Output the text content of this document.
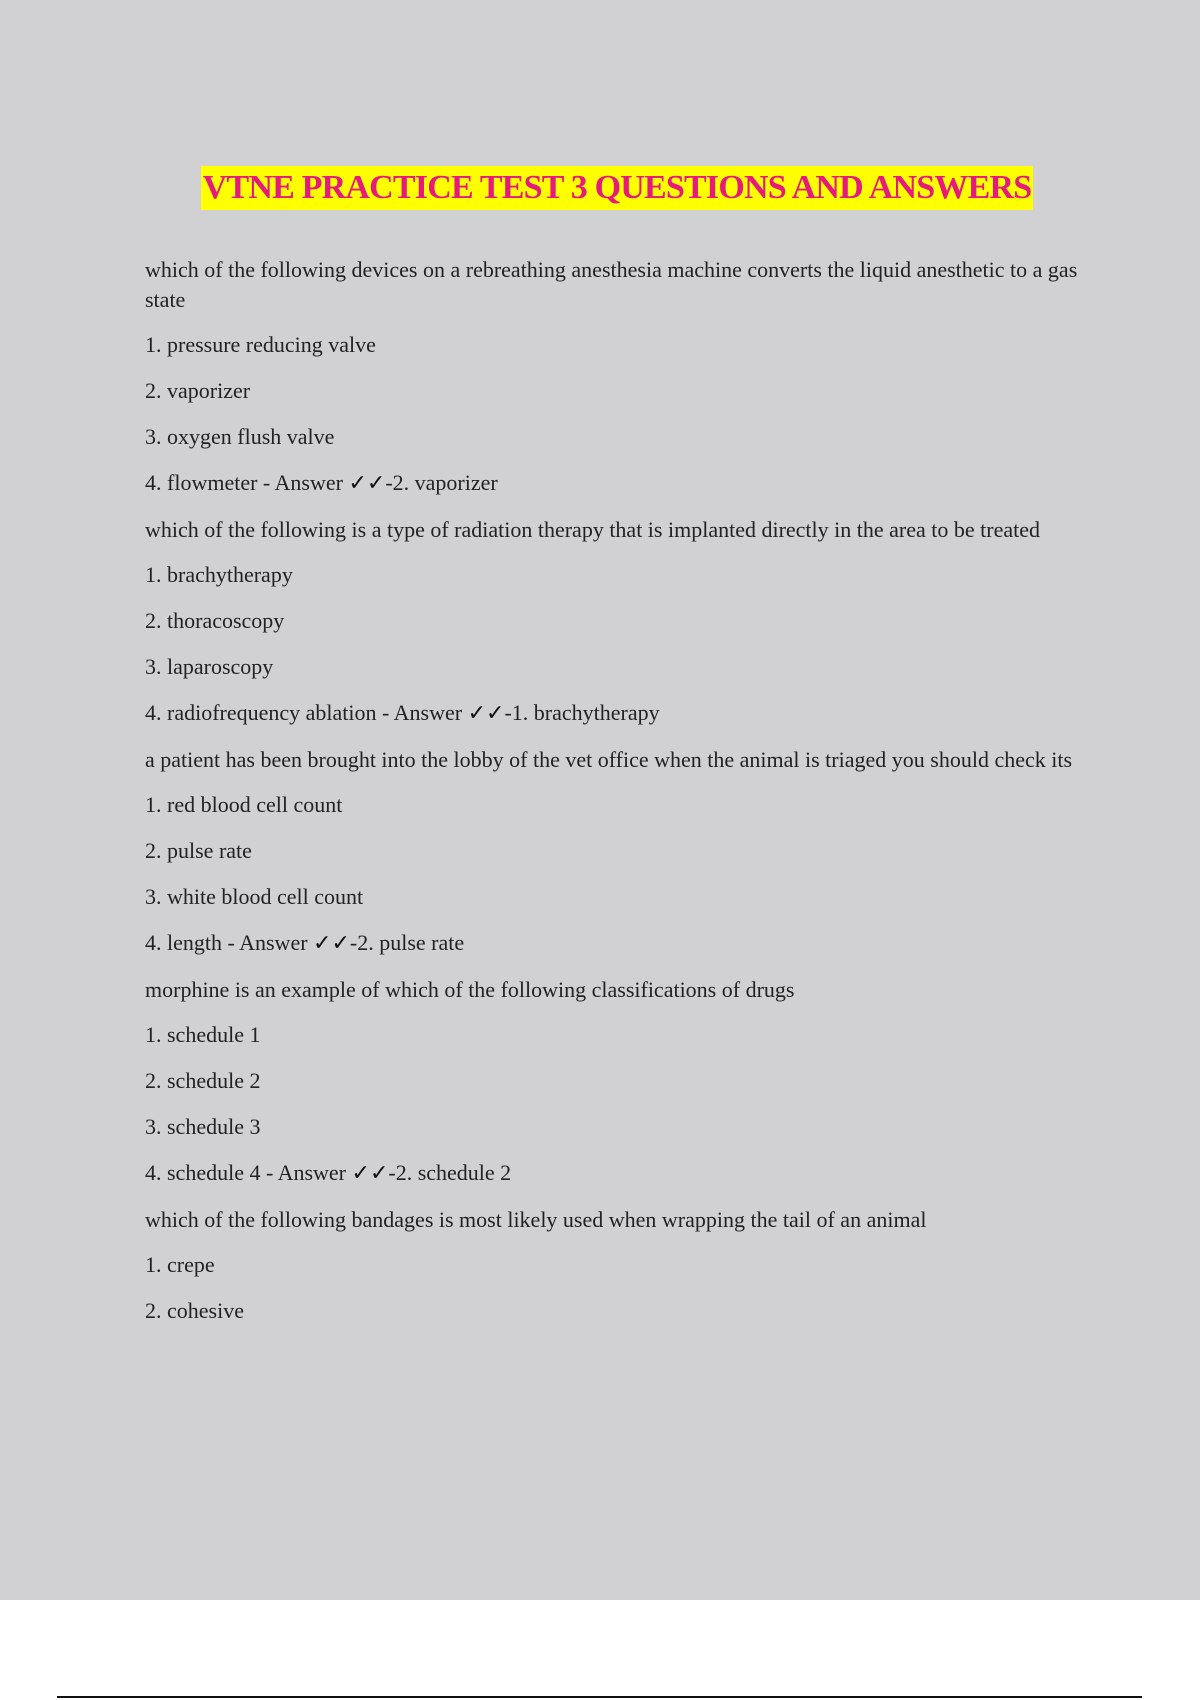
VTNE PRACTICE TEST 3 QUESTIONS AND ANSWERS
which of the following devices on a rebreathing anesthesia machine converts the liquid anesthetic to a gas state
1. pressure reducing valve
2. vaporizer
3. oxygen flush valve
4. flowmeter - Answer ✓✓-2. vaporizer
which of the following is a type of radiation therapy that is implanted directly in the area to be treated
1. brachytherapy
2. thoracoscopy
3. laparoscopy
4. radiofrequency ablation - Answer ✓✓-1. brachytherapy
a patient has been brought into the lobby of the vet office when the animal is triaged you should check its
1. red blood cell count
2. pulse rate
3. white blood cell count
4. length - Answer ✓✓-2. pulse rate
morphine is an example of which of the following classifications of drugs
1. schedule 1
2. schedule 2
3. schedule 3
4. schedule 4 - Answer ✓✓-2. schedule 2
which of the following bandages is most likely used when wrapping the tail of an animal
1. crepe
2. cohesive
